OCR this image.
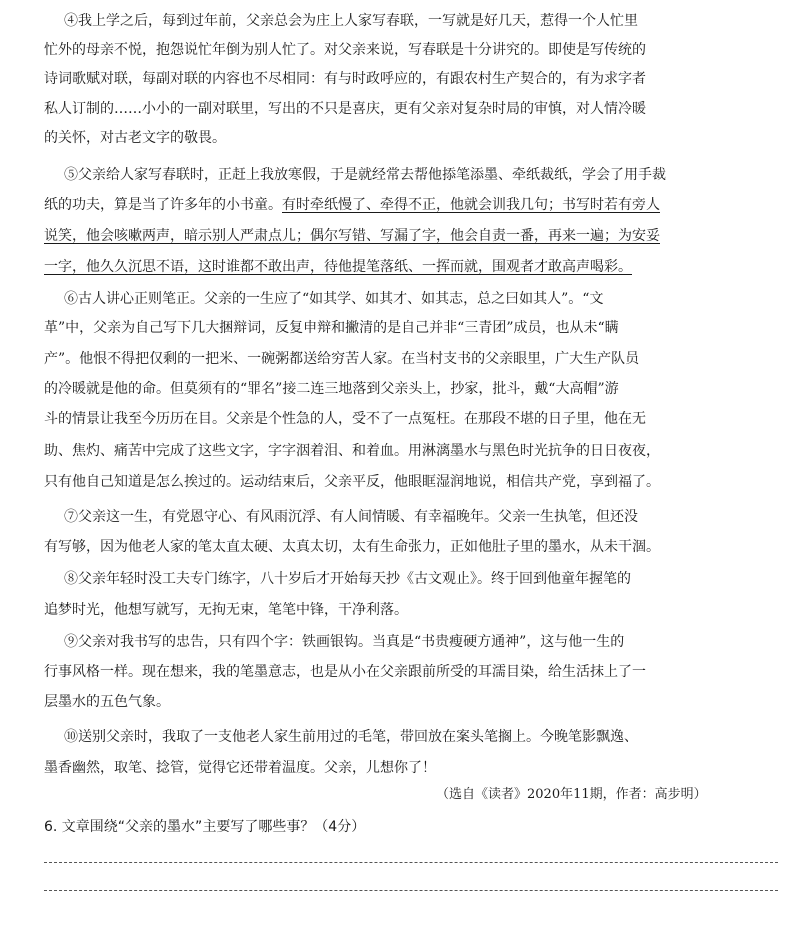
④我上学之后，每到过年前，父亲总会为庄上人家写春联，一写就是好几天，惹得一个人忙里
忙外的母亲不悦，抱怨说忙年倒为别人忙了。对父亲来说，写春联是十分讲究的。即使是写传统的
诗词歌赋对联，每副对联的内容也不尽相同：有与时政呼应的，有跟农村生产契合的，有为求字者
私人订制的……小小的一副对联里，写出的不只是喜庆，更有父亲对复杂时局的审慎，对人情冷暖
的关怀，对古老文字的敬畏。
⑤父亲给人家写春联时，正赶上我放寒假，于是就经常去帮他掭笔添墨、牵纸裁纸，学会了用手裁
纸的功夫，算是当了许多年的小书童。有时牵纸慢了、牵得不正，他就会训我几句；书写时若有旁人
说笑，他会咳嗽两声，暗示别人严肃点儿；偶尔写错、写漏了字，他会自责一番，再来一遍；为安妥
一字，他久久沉思不语，这时谁都不敢出声，待他提笔落纸、一挥而就，围观者才敢高声喝彩。
⑥古人讲心正则笔正。父亲的一生应了“如其学、如其才、如其志，总之曰如其人”。“文
革”中，父亲为自己写下几大捆辩词，反复申辩和撇清的是自己并非“三青团”成员，也从未“瞒
产”。他恨不得把仅剩的一把米、一碗粥都送给穷苦人家。在当村支书的父亲眼里，广大生产队员
的冷暖就是他的命。但莫须有的“罪名”接二连三地落到父亲头上，抄家，批斗，戴“大高帽”游
斗的情景让我至今历历在目。父亲是个性急的人，受不了一点冤枉。在那段不堪的日子里，他在无
助、焦灼、痛苦中完成了这些文字，字字洇着泪、和着血。用淋漓墨水与黑色时光抗争的日日夜夜，
只有他自己知道是怎么挨过的。运动结束后，父亲平反，他眼眶湿润地说，相信共产党，享到福了。
⑦父亲这一生，有党恩守心、有风雨沉浮、有人间情暖、有幸福晚年。父亲一生执笔，但还没
有写够，因为他老人家的笔太直太硬、太真太切，太有生命张力，正如他肚子里的墨水，从未干涸。
⑧父亲年轻时没工夫专门练字，八十岁后才开始每天抄《古文观止》。终于回到他童年握笔的
追梦时光，他想写就写，无拘无束，笔笔中锋，干净利落。
⑨父亲对我书写的忠告，只有四个字：铁画银钩。当真是“书贵瘦硬方通神”，这与他一生的
行事风格一样。现在想来，我的笔墨意志，也是从小在父亲跟前所受的耳濡目染，给生活抹上了一
层墨水的五色气象。
⑩送别父亲时，我取了一支他老人家生前用过的毛笔，带回放在案头笔搁上。今晚笔影飘逸、
墨香幽然，取笔、捻管，觉得它还带着温度。父亲，儿想你了！
（选自《读者》2020年11期，作者：高步明）
6. 文章围绕“父亲的墨水”主要写了哪些事？（4分）
